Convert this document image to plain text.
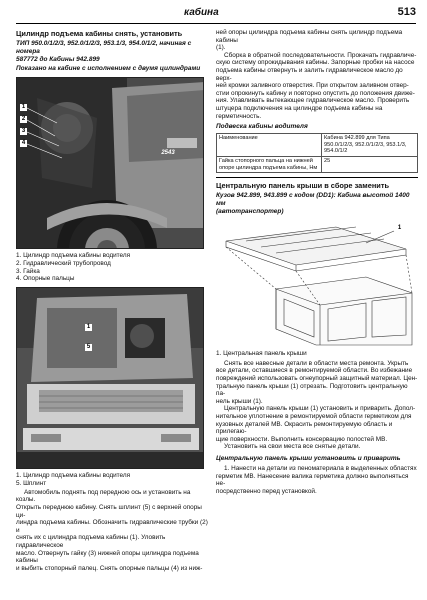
кабина	513
Цилиндр подъема кабины снять, установить
ТИП 950.0/1/2/3, 952.0/1/2/3, 953.1/3, 954.0/1/2, начиная с номера
587772 до Кабины 942.899
Показано на кабине с исполнением с двумя цилиндрами
2543
1
2
3
4
1. Цилиндр подъема кабины водителя
2. Гидравлический трубопровод
3. Гайка
4. Опорные пальцы
1
5
1. Цилиндр подъема кабины водителя
5. Шплинт

Автомобиль поднять под передною ось и установить на козлы.

Открыть переднюю кабину. Снять шплинт (5) с верхней опоры ци-

линдра подъема кабины. Обозначить гидравлические трубки (2) и

снять их с цилиндра подъема кабины (1). Уловить гидравлическое

масло. Отвернуть гайку (3) нижней опоры цилиндра подъема кабины

и выбить стопорный палец. Снять опорные пальцы (4) из ниж-

ней опоры цилиндра подъема кабины снять цилиндр подъема кабины

(1).

Сборка в обратной последовательности. Прокачать гидравличе-

скую систему опрокидывания кабины. Запорные пробки на насосе

подъема кабины отвернуть и залить гидравлическое масло до верх-

ней кромки заливного отверстия. При открытом заливном отвер-

стии опрокинуть кабину и повторно опустить до положения движе-

ния. Улавливать вытекающее гидравлическое масло. Проверить

штуцера подключения на цилиндре подъема кабины на

герметичность.

Подвеска кабины водителя
Наименование	Кабина 942.899 для Типа
950.0/1/2/3, 952.0/1/2/3, 953.1/3,
954.0/1/2

Гайка стопорного пальца на нижней
опоре цилиндра подъема кабины, Нм	25
Центральную панель крыши в сборе заменить
Кузов 942.899, 943.899 с кодом (DD1): Кабина высотой 1400 мм
(автотранспортер)
1
1. Центральная панель крыши

Снять все навесные детали в области места ремонта. Укрыть

все детали, оставшиеся в ремонтируемой области. Во избежание

повреждений использовать огнеупорный защитный материал. Цен-

тральную панель крыши (1) отрезать. Подготовить центральную па-

нель крыши (1).

Центральную панель крыши (1) установить и приварить. Допол-

нительное уплотнение в ремонтируемой области герметиком для

кузовных деталей MB. Окрасить ремонтируемую область и прилегаю-

щие поверхности. Выполнить консервацию полостей MB.

Установить на свои места все снятые детали.

Центральную панель крыши установить и приварить

1. Нанести на детали из пеноматериала в выделенных областях

герметик MB. Нанесение валика герметика должно выполняться не-

посредственно перед установкой.
